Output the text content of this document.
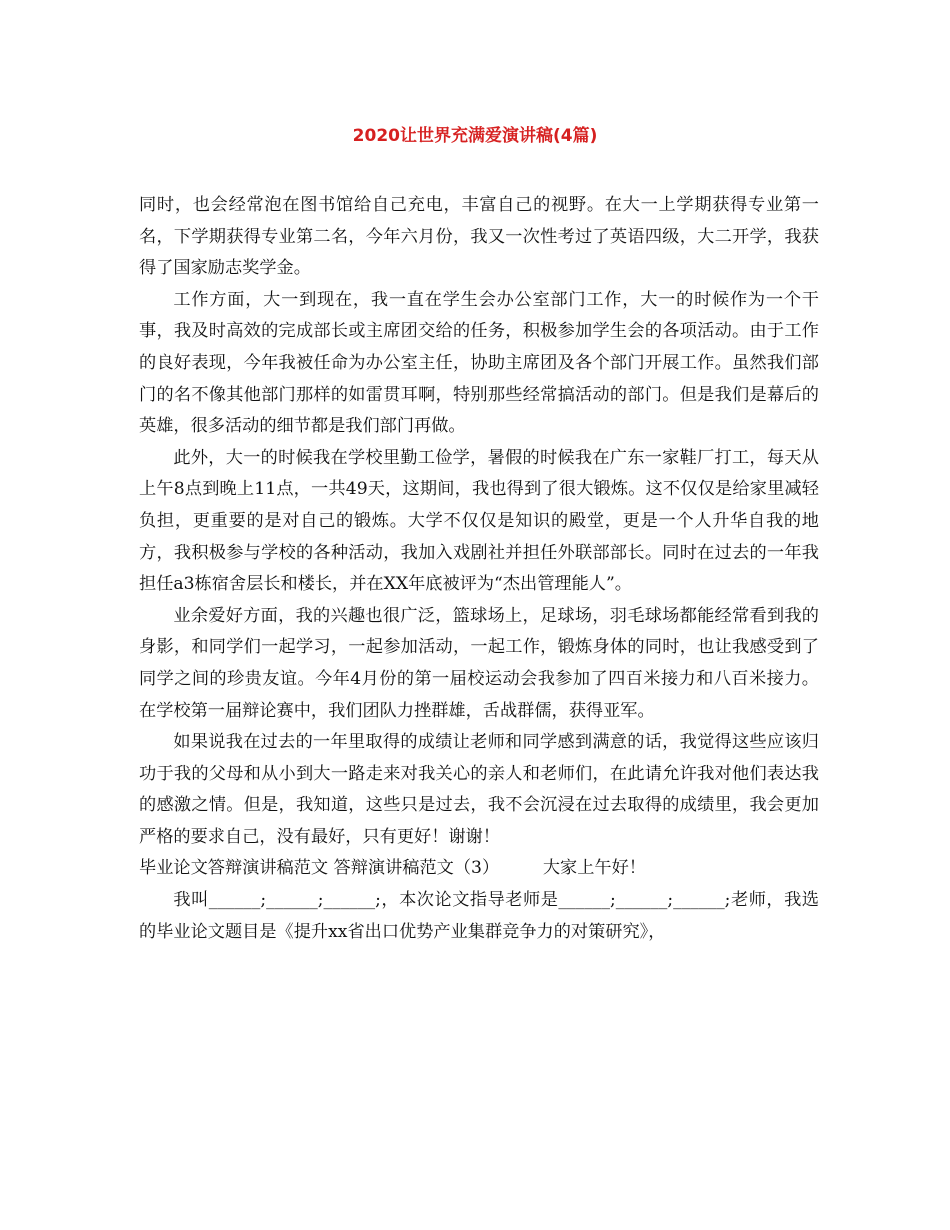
2020让世界充满爱演讲稿(4篇)

同时，也会经常泡在图书馆给自己充电，丰富自己的视野。在大一上学期获得专业第一名，下学期获得专业第二名，今年六月份，我又一次性考过了英语四级，大二开学，我获得了国家励志奖学金。

工作方面，大一到现在，我一直在学生会办公室部门工作，大一的时候作为一个干事，我及时高效的完成部长或主席团交给的任务，积极参加学生会的各项活动。由于工作的良好表现，今年我被任命为办公室主任，协助主席团及各个部门开展工作。虽然我们部门的名不像其他部门那样的如雷贯耳啊，特别那些经常搞活动的部门。但是我们是幕后的英雄，很多活动的细节都是我们部门再做。

此外，大一的时候我在学校里勤工俭学，暑假的时候我在广东一家鞋厂打工，每天从上午8点到晚上11点，一共49天，这期间，我也得到了很大锻炼。这不仅仅是给家里减轻负担，更重要的是对自己的锻炼。大学不仅仅是知识的殿堂，更是一个人升华自我的地方，我积极参与学校的各种活动，我加入戏剧社并担任外联部部长。同时在过去的一年我担任a3栋宿舍层长和楼长，并在XX年底被评为“杰出管理能人”。

业余爱好方面，我的兴趣也很广泛，篮球场上，足球场，羽毛球场都能经常看到我的身影，和同学们一起学习，一起参加活动，一起工作，锻炼身体的同时，也让我感受到了同学之间的珍贵友谊。今年4月份的第一届校运动会我参加了四百米接力和八百米接力。在学校第一届辩论赛中，我们团队力挫群雄，舌战群儒，获得亚军。

如果说我在过去的一年里取得的成绩让老师和同学感到满意的话，我觉得这些应该归功于我的父母和从小到大一路走来对我关心的亲人和老师们，在此请允许我对他们表达我的感激之情。但是，我知道，这些只是过去，我不会沉浸在过去取得的成绩里，我会更加严格的要求自己，没有最好，只有更好！谢谢！

毕业论文答辩演讲稿范文 答辩演讲稿范文（3）        大家上午好！

我叫______;______;______;，本次论文指导老师是______;______;______;老师，我选的毕业论文题目是《提升xx省出口优势产业集群竞争力的对策研究》，
